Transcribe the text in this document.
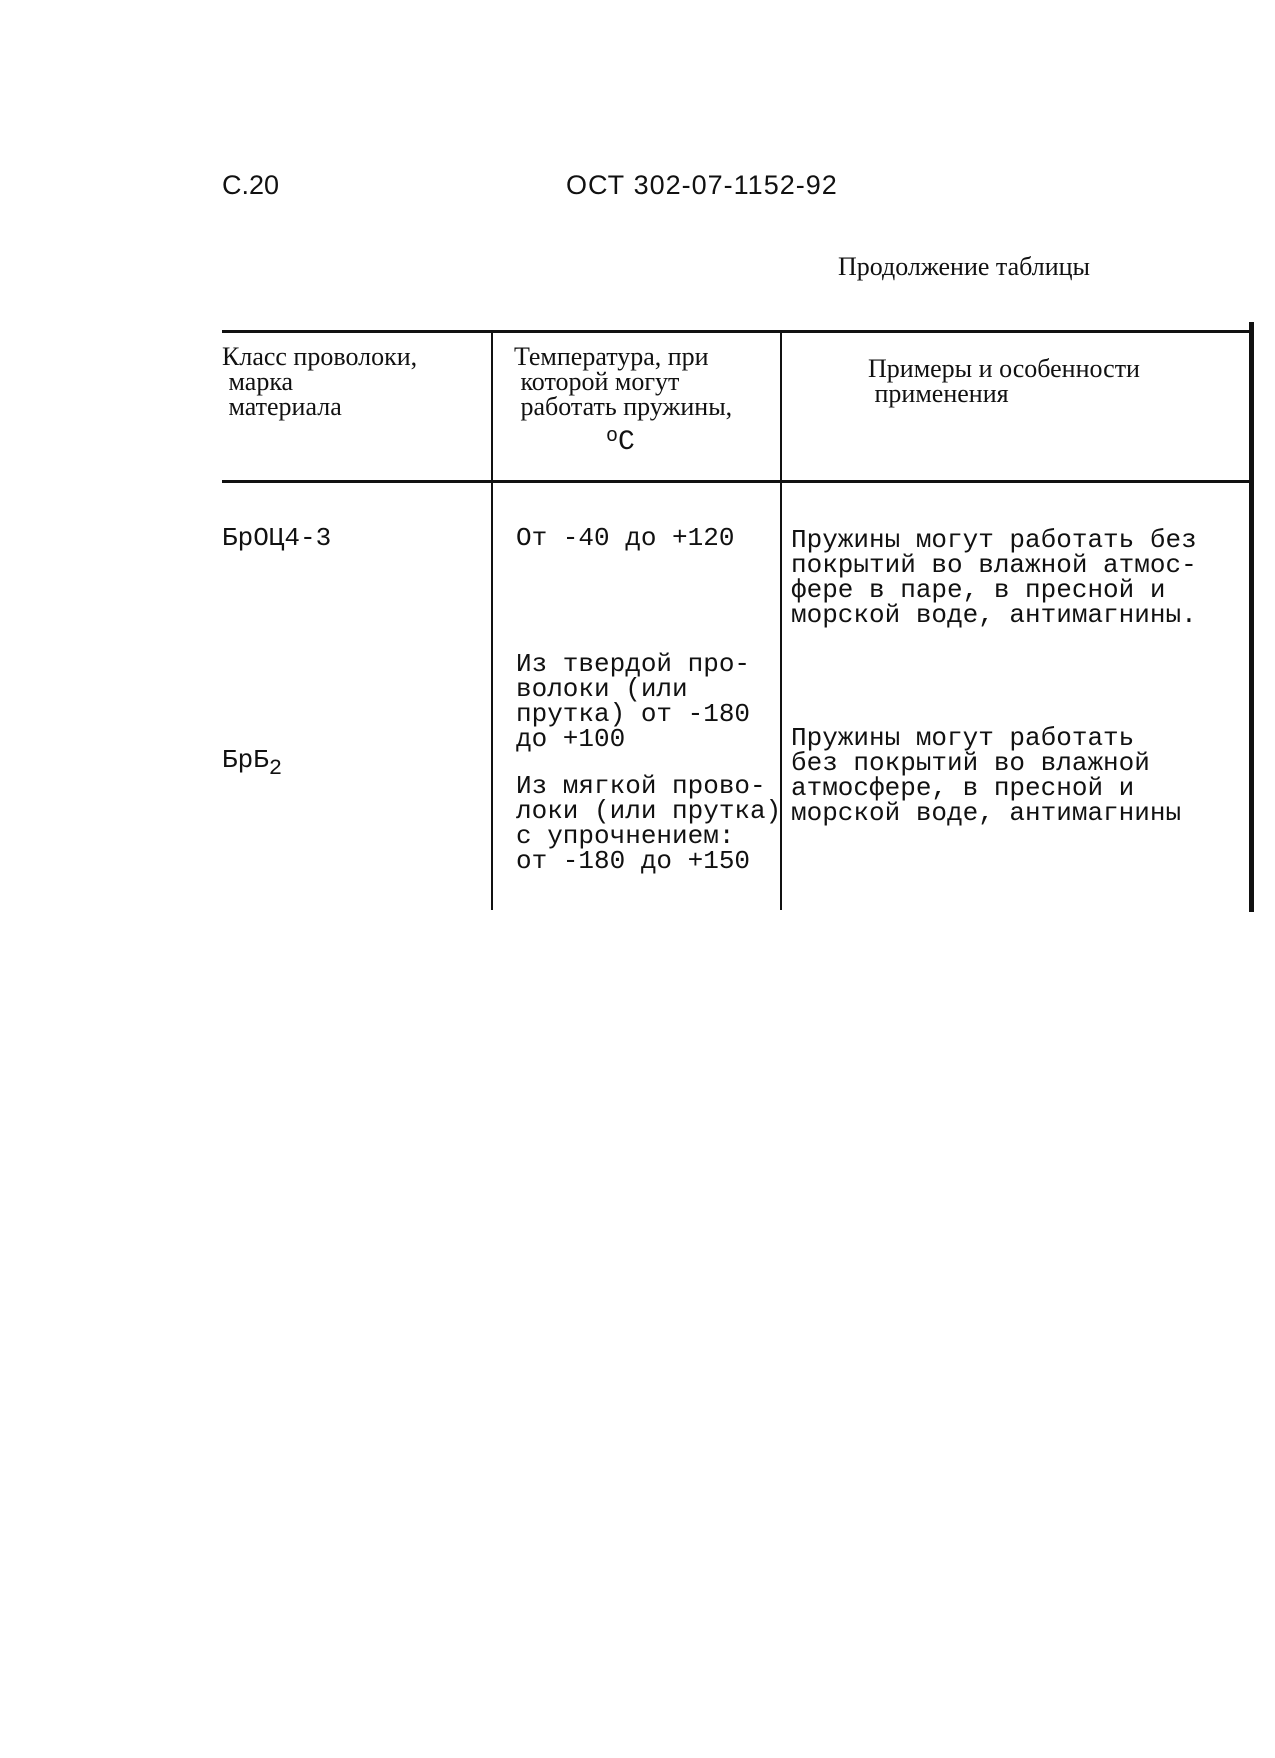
С.20	ОСТ 302-07-1152-92
Продолжение таблицы
Класс проволоки,
марка
материала
Температура, при
которой могут
работать пружины,
$^о$С
Примеры и особенности
применения
БрОЦ4-3	От -40 до +120 Пружины могут работать без
покрытий во влажной атмос-
фере в паре, в пресной и
морской воде, антимагнины.
БрБ$_2$
Из твердой про-
волоки (или
прутка) от -180
до +100
Из мягкой прово-
локи (или прутка)
с упрочнением:
от -180 до +150
Пружины могут работать
без покрытий во влажной
атмосфере, в пресной и
морской воде, антимагнины
